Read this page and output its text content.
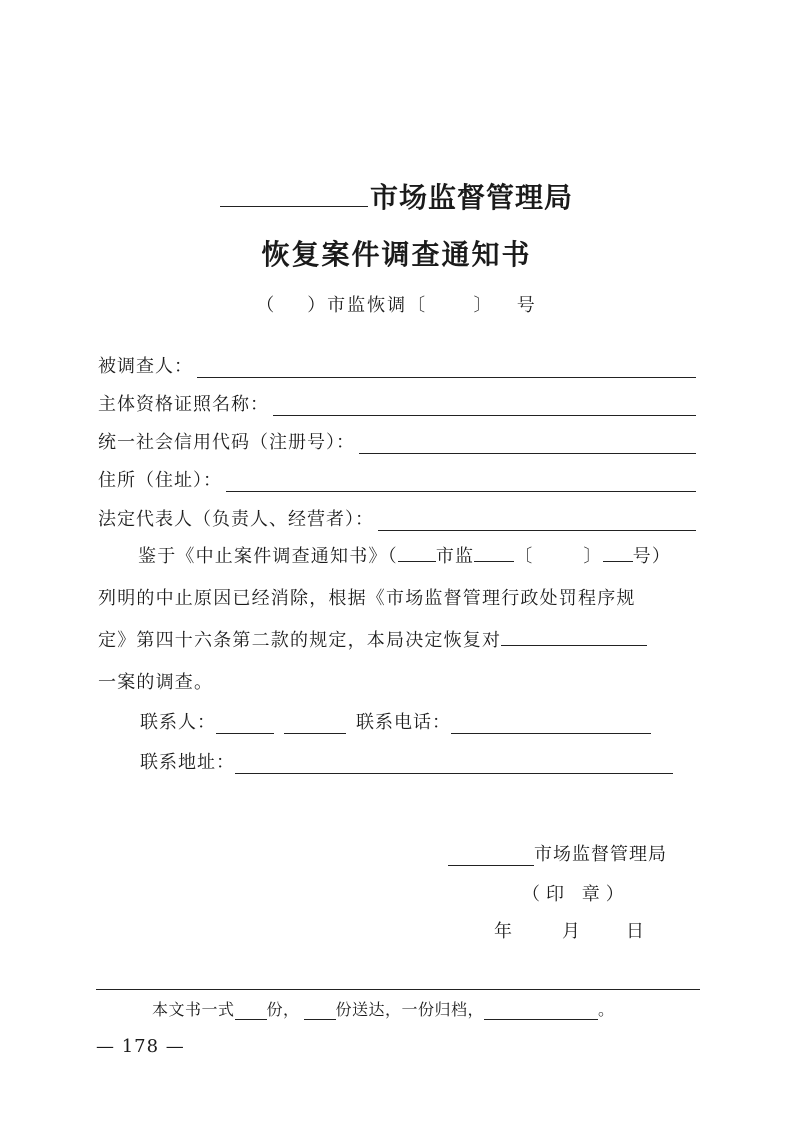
市场监督管理局
恢复案件调查通知书
（ ）市监恢调〔	〕 号
被调查人：
主体资格证照名称：
统一社会信用代码（注册号）：
住所（住址）：
法定代表人（负责人、经营者）：
鉴于《中止案件调查通知书》（ 市监 〔	〕 号）
列明的中止原因已经消除，根据《市场监督管理行政处罚程序规
定》第四十六条第二款的规定，本局决定恢复对
一案的调查。
联系人：	联系电话：
联系地址：
市场监督管理局
（印 章）
年	月	日
本文书一式 份， 份送达，一份归档，	。
— 178 —
